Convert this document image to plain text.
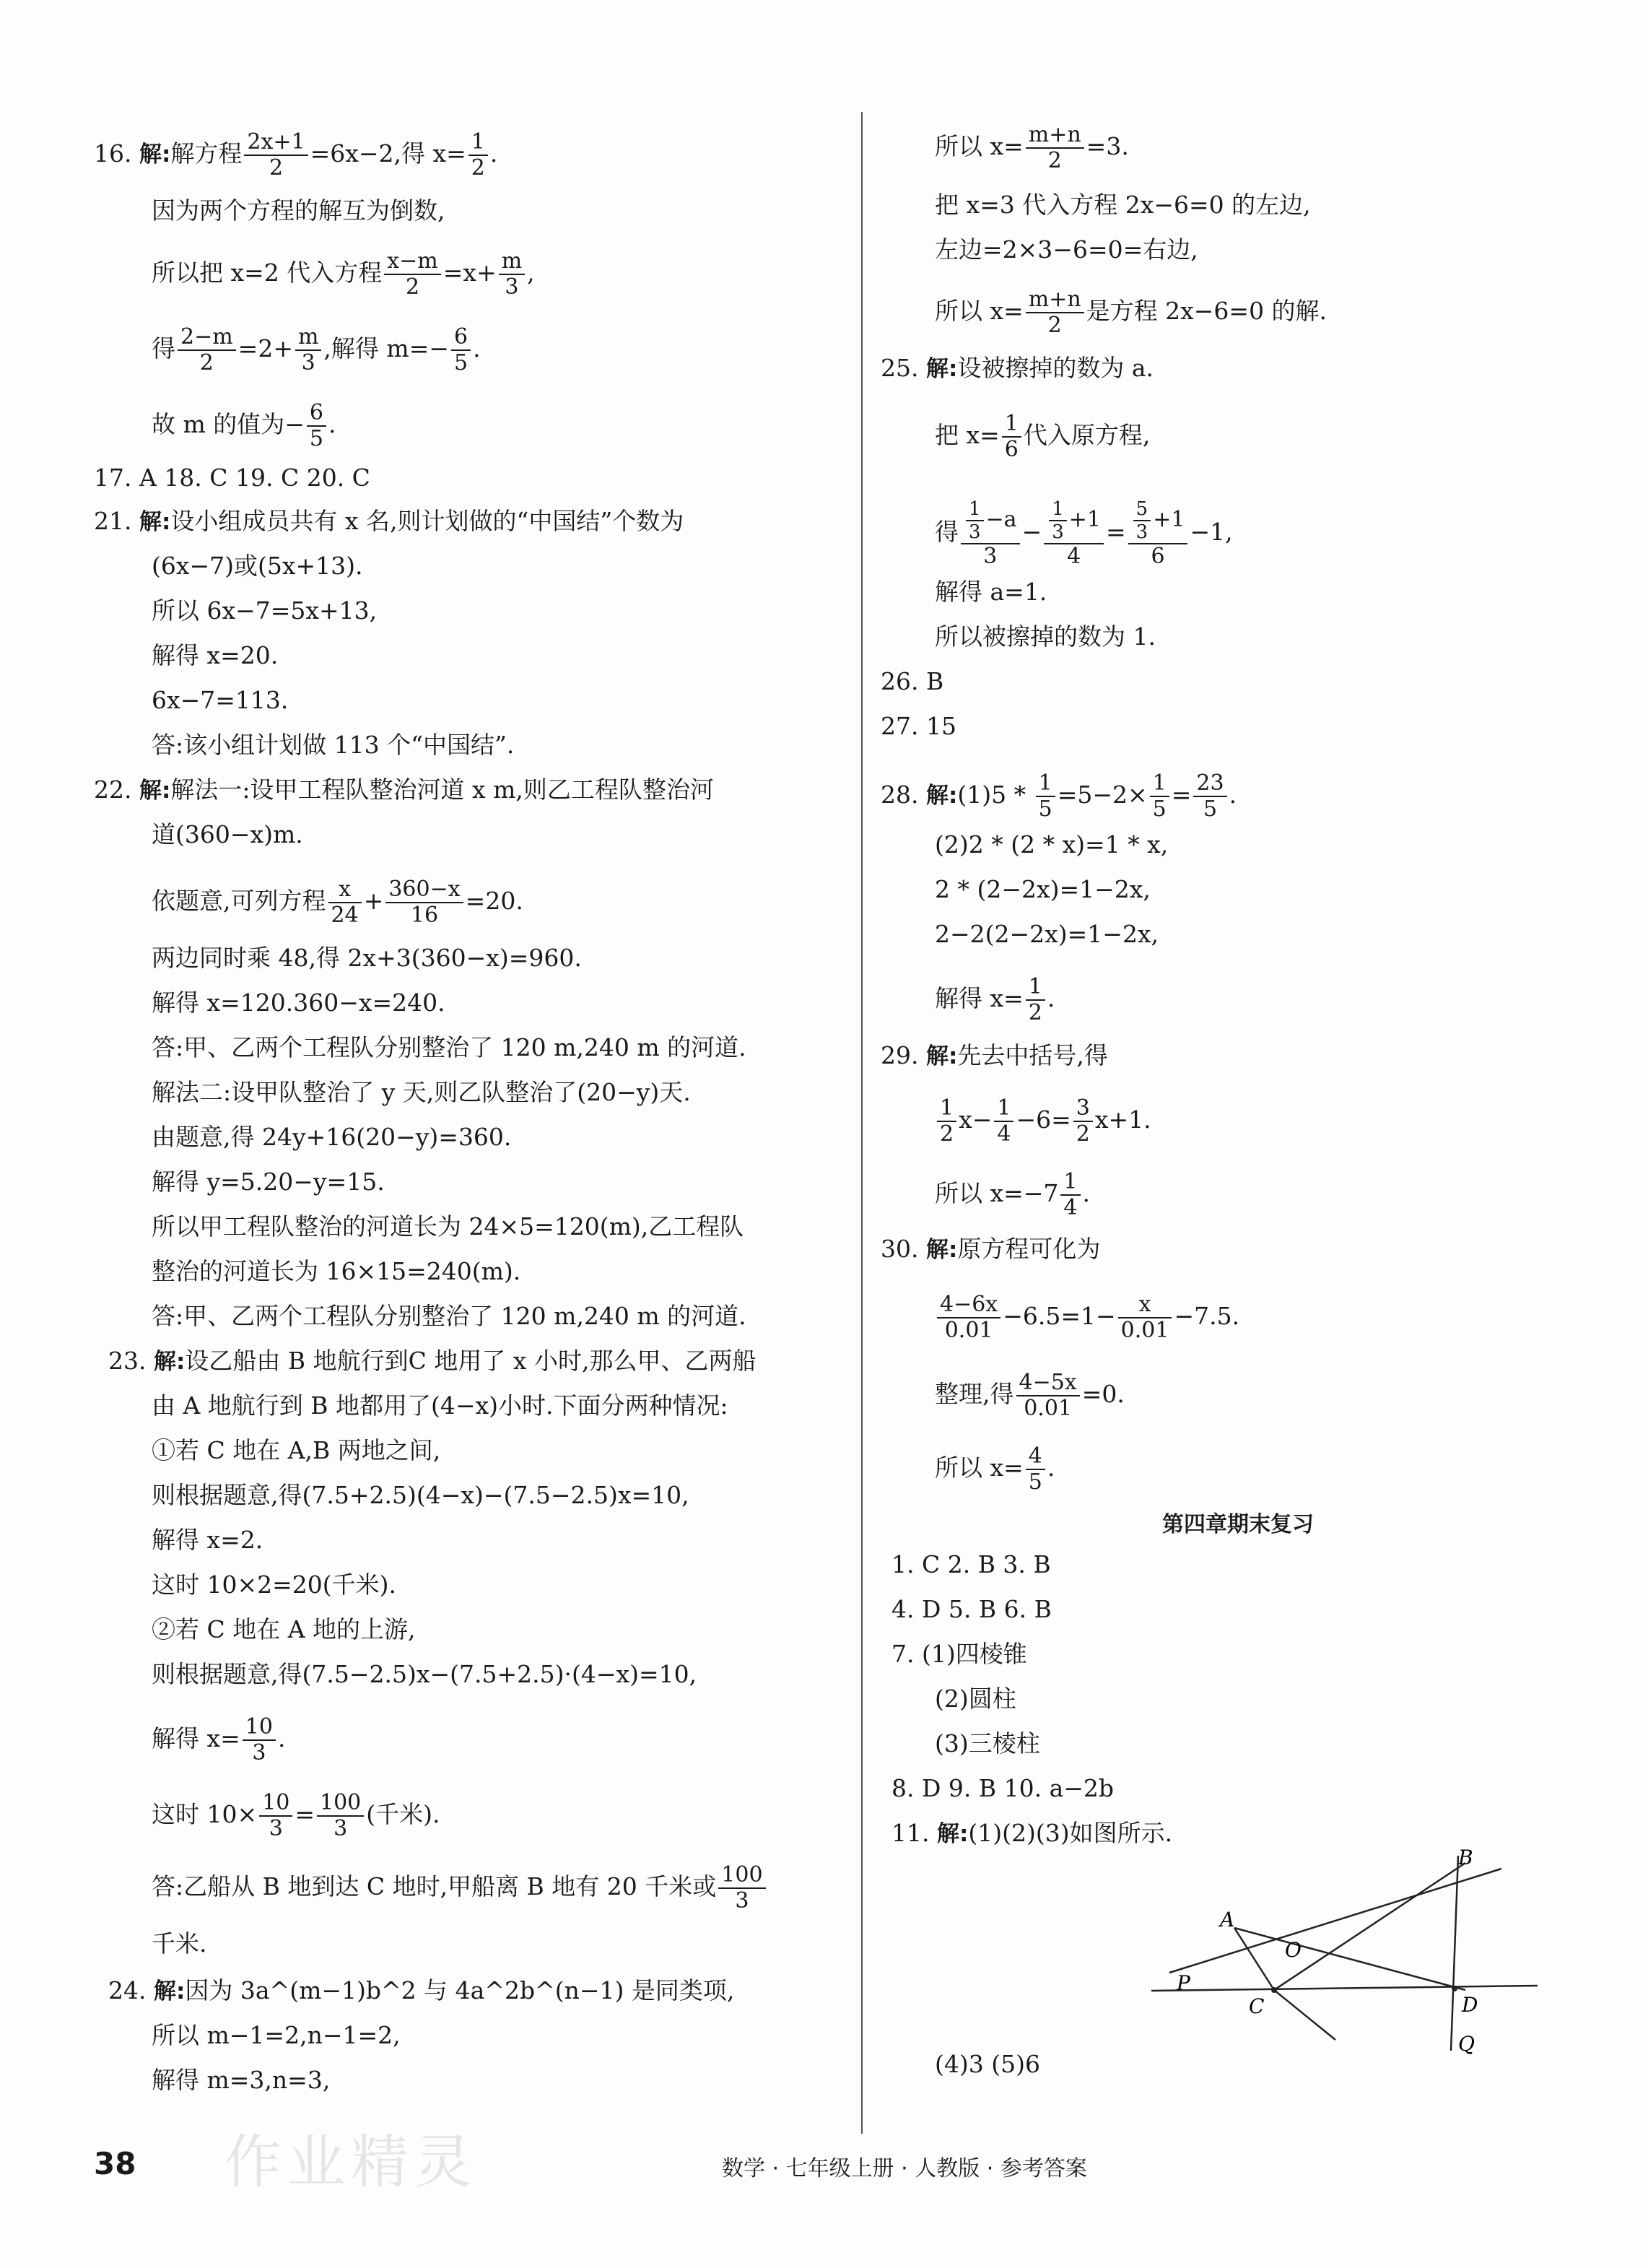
16. 解:解方程 $\frac{2x+1}{2} =6x-2$,得 $x= \frac{1}{2}$ .
因为两个方程的解互为倒数,
所以把 x=2 代入方程 $\frac{x-m}{2} =x+ \frac{m}{3}$ ,
得 $\frac{2-m}{2} =2+ \frac{m}{3}$ ,解得 $m=- \frac{6}{5}$ .
故 m 的值为− $\frac{6}{5}$ .
17. A 18. C 19. C 20. C
21. 解:设小组成员共有 x 名,则计划做的“中国结”个数为
(6x−7)或(5x+13).
所以 6x−7=5x+13,
解得 x=20.
6x−7=113.
答:该小组计划做 113 个“中国结”.
22. 解:解法一:设甲工程队整治河道 x m,则乙工程队整治河
道(360−x)m.
依题意,可列方程 $\frac{x}{24} + \frac{360-x}{16} =20$.
两边同时乘 48,得 2x+3(360−x)=960.
解得 x=120.360−x=240.
答:甲、乙两个工程队分别整治了 120 m,240 m 的河道.
解法二:设甲队整治了 y 天,则乙队整治了(20−y)天.
由题意,得 24y+16(20−y)=360.
解得 y=5.20−y=15.
所以甲工程队整治的河道长为 24×5=120(m),乙工程队
整治的河道长为 16×15=240(m).
答:甲、乙两个工程队分别整治了 120 m,240 m 的河道.
23. 解:设乙船由 B 地航行到C 地用了 x 小时,那么甲、乙两船
由 A 地航行到 B 地都用了(4−x)小时.下面分两种情况:
①若 C 地在 A,B 两地之间,
则根据题意,得(7.5+2.5)(4−x)−(7.5−2.5)x=10,
解得 x=2.
这时 10×2=20(千米).
②若 C 地在 A 地的上游,
则根据题意,得(7.5−2.5)x−(7.5+2.5)·(4−x)=10,
解得 $x= \frac{10}{3}$ .
这时 $10\times \frac{10}{3} = \frac{100}{3}$ (千米).
答:乙船从 B 地到达 C 地时,甲船离 B 地有 20 千米或 $\frac{100}{3}$
千米.
24. 解:因为 3a^(m−1)b^2 与 4a^2b^(n−1) 是同类项,
所以 m−1=2,n−1=2,
解得 m=3,n=3,
所以 $x= \frac{m+n}{2} =3$.
把 x=3 代入方程 2x−6=0 的左边,
左边=2×3−6=0=右边,
所以 $x= \frac{m+n}{2}$ 是方程 2x−6=0 的解.
25. 解:设被擦掉的数为 a.
把 $x= \frac{1}{6}$ 代入原方程,
得 $\frac{\frac{1}{3} -a}{3} - \frac{\frac{1}{3} +1}{4} = \frac{\frac{5}{3} +1}{6} -1$,
解得 a=1.
所以被擦掉的数为 1.
26. B
27. 15
28. 解:(1)5 * $\frac{1}{5} =5-2\times \frac{1}{5} = \frac{23}{5}$ .
(2)2 * (2 * x)=1 * x,
2 * (2−2x)=1−2x,
2−2(2−2x)=1−2x,
解得 $x= \frac{1}{2}$ .
29. 解:先去中括号,得
$\frac{1}{2} x- \frac{1}{4} -6= \frac{3}{2} x+1$.
所以 $x=-7 \frac{1}{4}$ .
30. 解:原方程可化为
$\frac{4-6x}{0.01} -6.5=1- \frac{x}{0.01} -7.5$.
整理,得 $\frac{4-5x}{0.01} =0$.
所以 $x= \frac{4}{5}$ .
第四章期末复习
1. C 2. B 3. B
4. D 5. B 6. B
7. (1)四棱锥
(2)圆柱
(3)三棱柱
8. D 9. B 10. a−2b
11. 解:(1)(2)(3)如图所示.
B
A
O
P
C	D
Q
(4)3 (5)6
38 作业精灵	数学 · 七年级上册 · 人教版 · 参考答案
